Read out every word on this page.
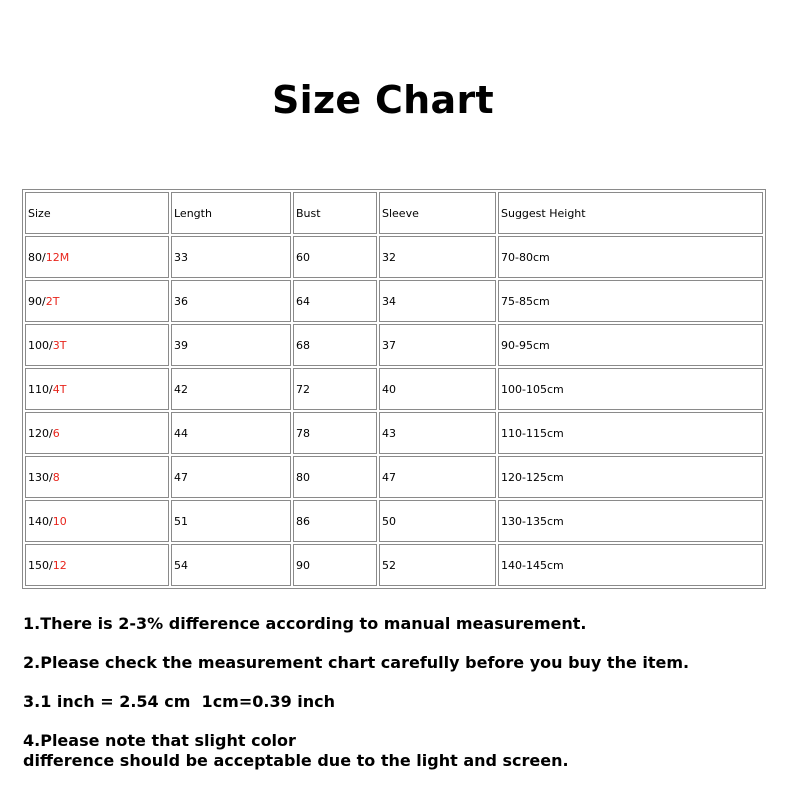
Size Chart
Size	Length	Bust	Sleeve	Suggest Height
80/12M	33	60	32	70-80cm
90/2T	36	64	34	75-85cm
100/3T	39	68	37	90-95cm
110/4T	42	72	40	100-105cm
120/6	44	78	43	110-115cm
130/8	47	80	47	120-125cm
140/10	51	86	50	130-135cm
150/12	54	90	52	140-145cm

1.There is 2-3% difference according to manual measurement.

2.Please check the measurement chart carefully before you buy the item.

3.1 inch = 2.54 cm  1cm=0.39 inch

4.Please note that slight color
difference should be acceptable due to the light and screen.
